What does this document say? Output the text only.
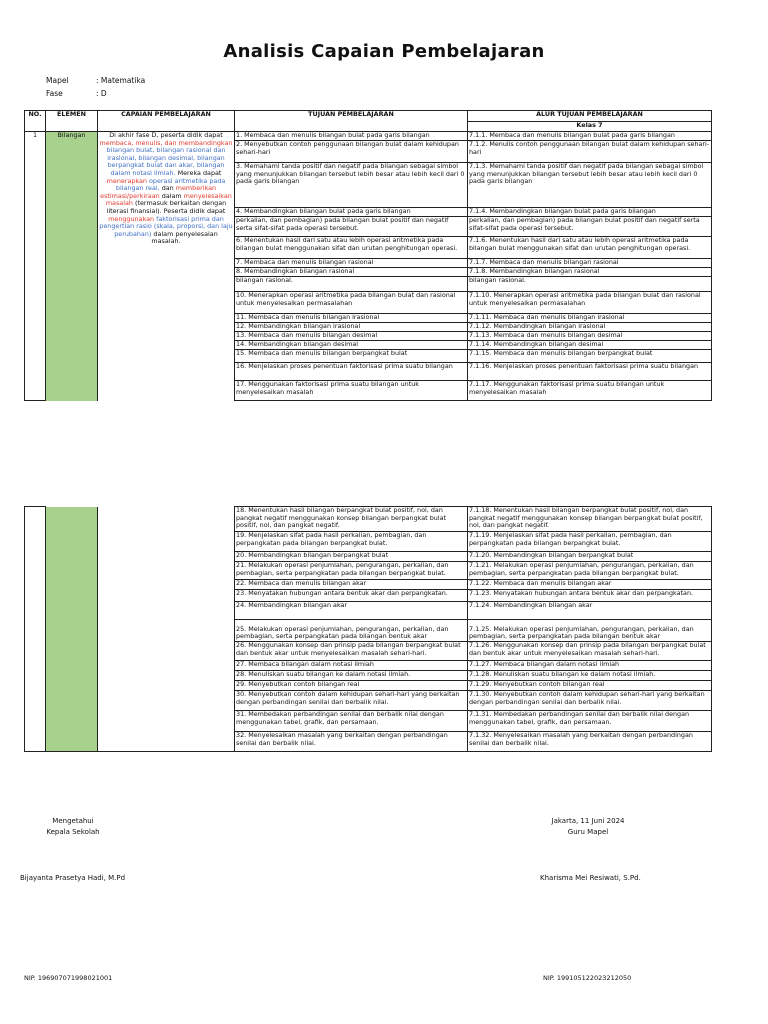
Analisis Capaian Pembelajaran
Mapel	: Matematika
Fase	: D
NO.	ELEMEN	CAPAIAN PEMBELAJARAN	TUJUAN PEMBELAJARAN	ALUR TUJUAN PEMBELAJARAN
				Kelas 7
1	Bilangan	Di akhir fase D, peserta didik dapat membaca, menulis, dan membandingkan bilangan bulat, bilangan rasional dan irasional, bilangan desimal, bilangan berpangkat bulat dan akar, bilangan dalam notasi ilmiah. Mereka dapat menerapkan operasi aritmetika pada bilangan real, dan memberikan estimasi/perkiraan dalam menyelesaikan masalah (termasuk berkaitan dengan literasi finansial). Peserta didik dapat menggunakan faktorisasi prima dan pengertian rasio (skala, proporsi, dan laju perubahan) dalam penyelesaian masalah.	1. Membaca dan menulis bilangan bulat pada garis bilangan	7.1.1. Membaca dan menulis bilangan bulat pada garis bilangan
			2. Menyebutkan contoh penggunaan bilangan bulat dalam kehidupan sehari-hari	7.1.2. Menulis contoh penggunaan bilangan bulat dalam kehidupan sehari-hari
			3. Memahami tanda positif dan negatif pada bilangan sebagai simbol yang menunjukkan bilangan tersebut lebih besar atau lebih kecil dari 0 pada garis bilangan	7.1.3. Memahami tanda positif dan negatif pada bilangan sebagai simbol yang menunjukkan bilangan tersebut lebih besar atau lebih kecil dari 0 pada garis bilangan
			4. Membandingkan bilangan bulat pada garis bilangan	7.1.4. Membandingkan bilangan bulat pada garis bilangan
			perkalian, dan pembagian) pada bilangan bulat positif dan negatif serta sifat-sifat pada operasi tersebut.	perkalian, dan pembagian) pada bilangan bulat positif dan negatif serta sifat-sifat pada operasi tersebut.
			6. Menentukan hasil dari satu atau lebih operasi aritmetika pada bilangan bulat menggunakan sifat dan urutan penghitungan operasi.	7.1.6. Menentukan hasil dari satu atau lebih operasi aritmetika pada bilangan bulat menggunakan sifat dan urutan penghitungan operasi.
			7. Membaca dan menulis bilangan rasional	7.1.7. Membaca dan menulis bilangan rasional
			8. Membandingkan bilangan rasional	7.1.8. Membandingkan bilangan rasional
			bilangan rasional.	bilangan rasional.
			10. Menerapkan operasi aritmetika pada bilangan bulat dan rasional untuk menyelesaikan permasalahan	7.1.10. Menerapkan operasi aritmetika pada bilangan bulat dan rasional untuk menyelesaikan permasalahan
			11. Membaca dan menulis bilangan irasional	7.1.11. Membaca dan menulis bilangan irasional
			12. Membandingkan bilangan irasional	7.1.12. Membandingkan bilangan irasional
			13. Membaca dan menulis bilangan desimal	7.1.13. Membaca dan menulis bilangan desimal
			14. Membandingkan bilangan desimal	7.1.14. Membandingkan bilangan desimal
			15. Membaca dan menulis bilangan berpangkat bulat	7.1.15. Membaca dan menulis bilangan berpangkat bulat
			16. Menjelaskan proses penentuan faktorisasi prima suatu bilangan	7.1.16. Menjelaskan proses penentuan faktorisasi prima suatu bilangan
			17. Menggunakan faktorisasi prima suatu bilangan untuk menyelesaikan masalah	7.1.17. Menggunakan faktorisasi prima suatu bilangan untuk menyelesaikan masalah
			18. Menentukan hasil bilangan berpangkat bulat positif, nol, dan pangkat negatif menggunakan konsep bilangan berpangkat bulat positif, nol, dan pangkat negatif.	7.1.18. Menentukan hasil bilangan berpangkat bulat positif, nol, dan pangkat negatif menggunakan konsep bilangan berpangkat bulat positif, nol, dan pangkat negatif.
			19. Menjelaskan sifat pada hasil perkalian, pembagian, dan perpangkatan pada bilangan berpangkat bulat.	7.1.19. Menjelaskan sifat pada hasil perkalian, pembagian, dan perpangkatan pada bilangan berpangkat bulat.
			20. Membandingkan bilangan berpangkat bulat	7.1.20. Membandingkan bilangan berpangkat bulat
			21. Melakukan operasi penjumlahan, pengurangan, perkalian, dan pembagian, serta perpangkatan pada bilangan berpangkat bulat.	7.1.21. Melakukan operasi penjumlahan, pengurangan, perkalian, dan pembagian, serta perpangkatan pada bilangan berpangkat bulat.
			22. Membaca dan menulis bilangan akar	7.1.22. Membaca dan menulis bilangan akar
			23. Menyatakan hubungan antara bentuk akar dan perpangkatan.	7.1.23. Menyatakan hubungan antara bentuk akar dan perpangkatan.
			24. Membandingkan bilangan akar	7.1.24. Membandingkan bilangan akar
			25. Melakukan operasi penjumlahan, pengurangan, perkalian, dan pembagian, serta perpangkatan pada bilangan bentuk akar	7.1.25. Melakukan operasi penjumlahan, pengurangan, perkalian, dan pembagian, serta perpangkatan pada bilangan bentuk akar
			26. Menggunakan konsep dan prinsip pada bilangan berpangkat bulat dan bentuk akar untuk menyelesaikan masalah sehari-hari.	7.1.26. Menggunakan konsep dan prinsip pada bilangan berpangkat bulat dan bentuk akar untuk menyelesaikan masalah sehari-hari.
			27. Membaca bilangan dalam notasi ilmiah	7.1.27. Membaca bilangan dalam notasi ilmiah
			28. Menuliskan suatu bilangan ke dalam notasi ilmiah.	7.1.28. Menuliskan suatu bilangan ke dalam notasi ilmiah.
			29. Menyebutkan contoh bilangan real	7.1.29. Menyebutkan contoh bilangan real
			30. Menyebutkan contoh dalam kehidupan sehari-hari yang berkaitan dengan perbandingan senilai dan berbalik nilai.	7.1.30. Menyebutkan contoh dalam kehidupan sehari-hari yang berkaitan dengan perbandingan senilai dan berbalik nilai.
			31. Membedakan perbandingan senilai dan berbalik nilai dengan menggunakan tabel, grafik, dan persamaan.	7.1.31. Membedakan perbandingan senilai dan berbalik nilai dengan menggunakan tabel, grafik, dan persamaan.
			32. Menyelesaikan masalah yang berkaitan dengan perbandingan senilai dan berbalik nilai.	7.1.32. Menyelesaikan masalah yang berkaitan dengan perbandingan senilai dan berbalik nilai.
Mengetahui
Kepala Sekolah
Bijayanta Prasetya Hadi, M.Pd
NIP. 196907071998021001
Jakarta, 11 Juni 2024
Guru Mapel
Kharisma Mei Resiwati, S.Pd.
NIP. 199105122023212050
